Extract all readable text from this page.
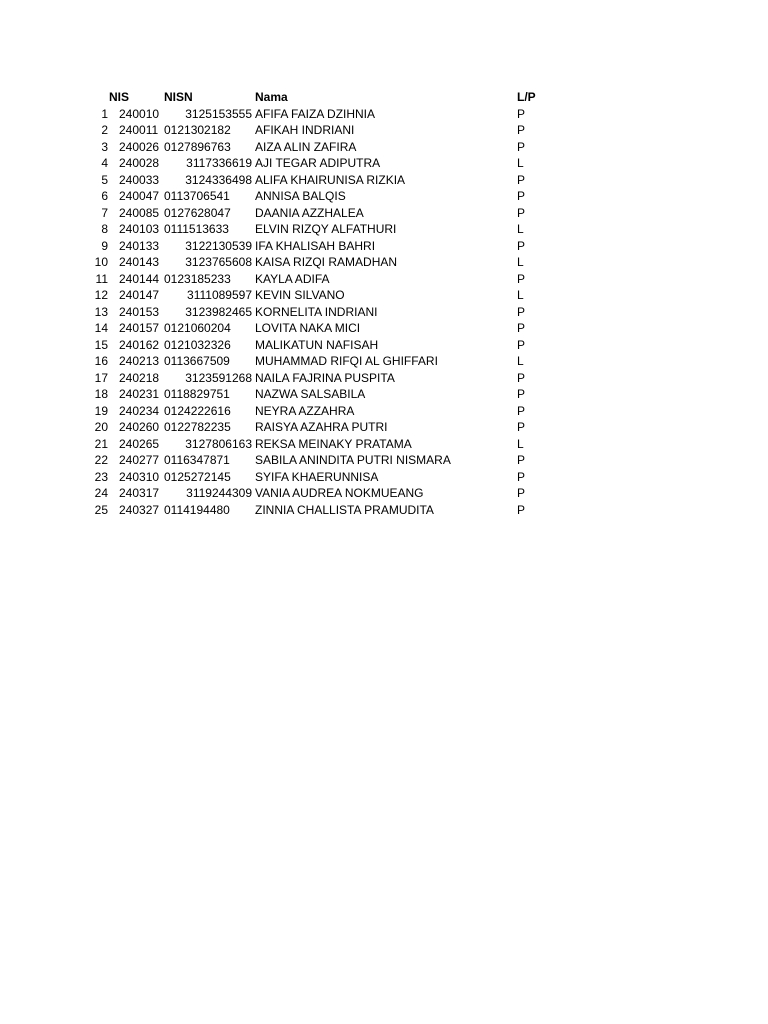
NIS	NISN	Nama	L/P
1 240010	3125153555 AFIFA FAIZA DZIHNIA	P
2 240011 0121302182	AFIKAH INDRIANI	P
3 240026 0127896763	AIZA ALIN ZAFIRA	P
4 240028	3117336619 AJI TEGAR ADIPUTRA	L
5 240033	3124336498 ALIFA KHAIRUNISA RIZKIA	P
6 240047 0113706541	ANNISA BALQIS	P
7 240085 0127628047	DAANIA AZZHALEA	P
8 240103 0111513633	ELVIN RIZQY ALFATHURI	L
9 240133	3122130539 IFA KHALISAH BAHRI	P
10 240143	3123765608 KAISA RIZQI RAMADHAN	L
11 240144 0123185233	KAYLA ADIFA	P
12 240147	3111089597 KEVIN SILVANO	L
13 240153	3123982465 KORNELITA INDRIANI	P
14 240157 0121060204	LOVITA NAKA MICI	P
15 240162 0121032326	MALIKATUN NAFISAH	P
16 240213 0113667509	MUHAMMAD RIFQI AL GHIFFARI	L
17 240218	3123591268 NAILA FAJRINA PUSPITA	P
18 240231 0118829751	NAZWA SALSABILA	P
19 240234 0124222616	NEYRA AZZAHRA	P
20 240260 0122782235	RAISYA AZAHRA PUTRI	P
21 240265	3127806163 REKSA MEINAKY PRATAMA	L
22 240277 0116347871	SABILA ANINDITA PUTRI NISMARA	P
23 240310 0125272145	SYIFA KHAERUNNISA	P
24 240317	3119244309 VANIA AUDREA NOKMUEANG	P
25 240327 0114194480	ZINNIA CHALLISTA PRAMUDITA	P
